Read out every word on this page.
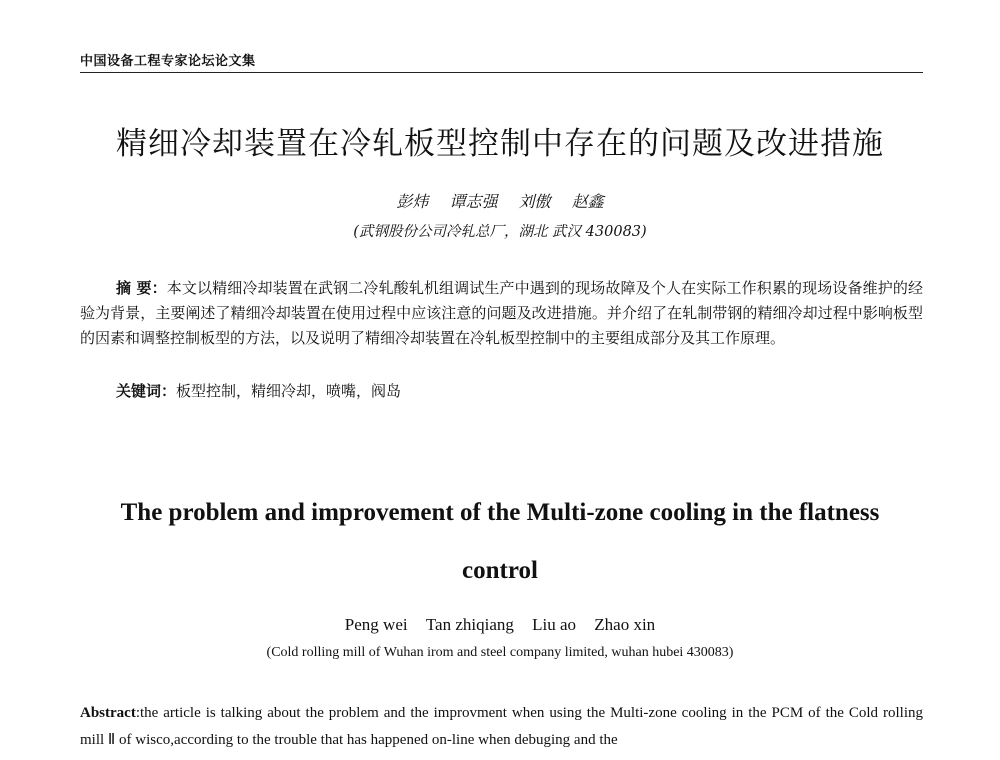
中国设备工程专家论坛论文集
精细冷却装置在冷轧板型控制中存在的问题及改进措施
彭炜 谭志强 刘傲 赵鑫
(武钢股份公司冷轧总厂，湖北 武汉 430083)
摘 要：本文以精细冷却装置在武钢二冷轧酸轧机组调试生产中遇到的现场故障及个人在实际工作积累的现场设备维护的经验为背景，主要阐述了精细冷却装置在使用过程中应该注意的问题及改进措施。并介绍了在轧制带钢的精细冷却过程中影响板型的因素和调整控制板型的方法，以及说明了精细冷却装置在冷轧板型控制中的主要组成部分及其工作原理。
关键词：板型控制，精细冷却，喷嘴，阀岛
The problem and improvement of the Multi-zone cooling in the flatness
control
Peng wei Tan zhiqiang Liu ao Zhao xin
(Cold rolling mill of Wuhan irom and steel company limited, wuhan hubei 430083)
Abstract:the article is talking about the problem and the improvment when using the Multi-zone cooling in the PCM of the Cold rolling mill Ⅱ of wisco,according to the trouble that has happened on-line when debuging and the
